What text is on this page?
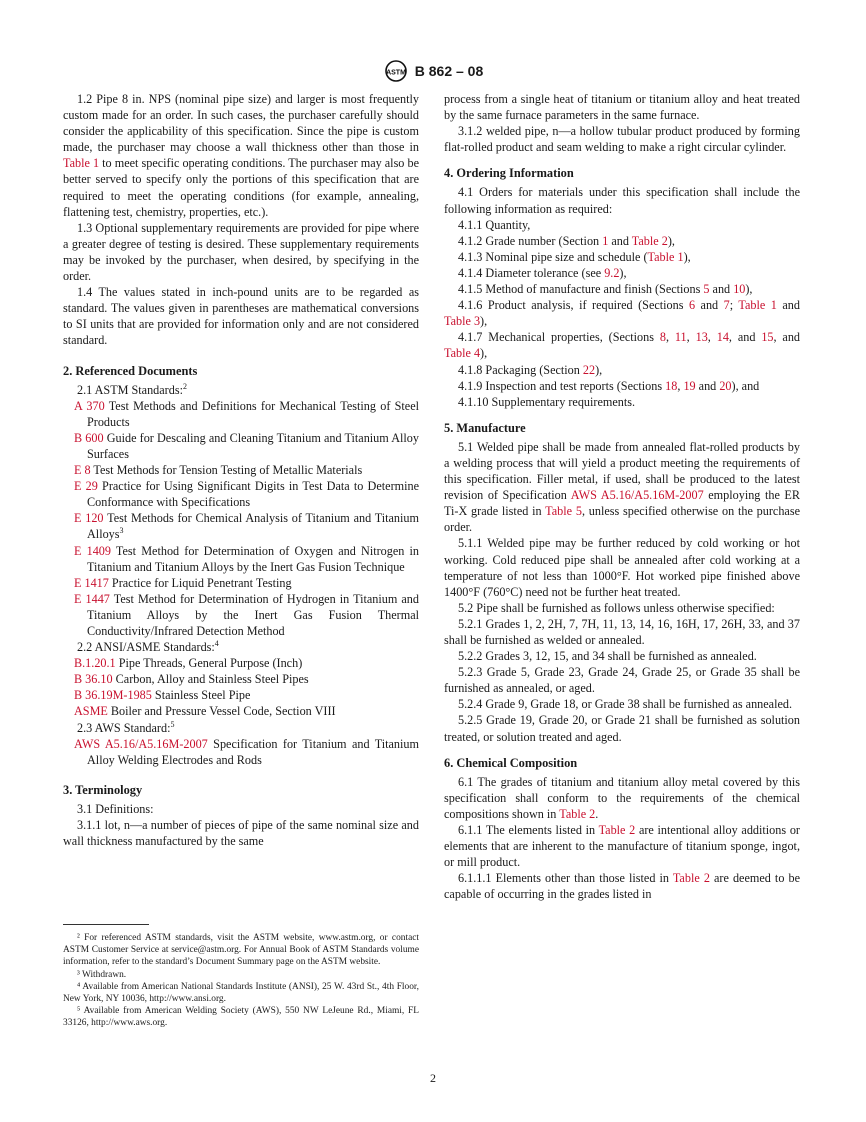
ASTM B 862 – 08

1.2 Pipe 8 in. NPS (nominal pipe size) and larger is most frequently custom made for an order. In such cases, the purchaser carefully should consider the applicability of this specification. Since the pipe is custom made, the purchaser may choose a wall thickness other than those in Table 1 to meet specific operating conditions. The purchaser may also be better served to specify only the portions of this specification that are required to meet the operating conditions (for example, annealing, flattening test, chemistry, properties, etc.).

1.3 Optional supplementary requirements are provided for pipe where a greater degree of testing is desired. These supplementary requirements may be invoked by the purchaser, when desired, by specifying in the order.

1.4 The values stated in inch-pound units are to be regarded as standard. The values given in parentheses are mathematical conversions to SI units that are provided for information only and are not considered standard.

2. Referenced Documents

2.1 ASTM Standards:$^2$

A 370 Test Methods and Definitions for Mechanical Testing of Steel Products

B 600 Guide for Descaling and Cleaning Titanium and Titanium Alloy Surfaces

E 8 Test Methods for Tension Testing of Metallic Materials

E 29 Practice for Using Significant Digits in Test Data to Determine Conformance with Specifications

E 120 Test Methods for Chemical Analysis of Titanium and Titanium Alloys$^3$

E 1409 Test Method for Determination of Oxygen and Nitrogen in Titanium and Titanium Alloys by the Inert Gas Fusion Technique

E 1417 Practice for Liquid Penetrant Testing

E 1447 Test Method for Determination of Hydrogen in Titanium and Titanium Alloys by the Inert Gas Fusion Thermal Conductivity/Infrared Detection Method

2.2 ANSI/ASME Standards:$^4$

B.1.20.1 Pipe Threads, General Purpose (Inch)

B 36.10 Carbon, Alloy and Stainless Steel Pipes

B 36.19M-1985 Stainless Steel Pipe

ASME Boiler and Pressure Vessel Code, Section VIII

2.3 AWS Standard:$^5$

AWS A5.16/A5.16M-2007 Specification for Titanium and Titanium Alloy Welding Electrodes and Rods

3. Terminology

3.1 Definitions:

3.1.1 lot, n—a number of pieces of pipe of the same nominal size and wall thickness manufactured by the same

process from a single heat of titanium or titanium alloy and heat treated by the same furnace parameters in the same furnace.

3.1.2 welded pipe, n—a hollow tubular product produced by forming flat-rolled product and seam welding to make a right circular cylinder.

4. Ordering Information

4.1 Orders for materials under this specification shall include the following information as required:

4.1.1 Quantity,

4.1.2 Grade number (Section 1 and Table 2),

4.1.3 Nominal pipe size and schedule (Table 1),

4.1.4 Diameter tolerance (see 9.2),

4.1.5 Method of manufacture and finish (Sections 5 and 10),

4.1.6 Product analysis, if required (Sections 6 and 7; Table 1 and Table 3),

4.1.7 Mechanical properties, (Sections 8, 11, 13, 14, and 15, and Table 4),

4.1.8 Packaging (Section 22),

4.1.9 Inspection and test reports (Sections 18, 19 and 20), and

4.1.10 Supplementary requirements.

5. Manufacture

5.1 Welded pipe shall be made from annealed flat-rolled products by a welding process that will yield a product meeting the requirements of this specification. Filler metal, if used, shall be produced to the latest revision of Specification AWS A5.16/A5.16M-2007 employing the ER Ti-X grade listed in Table 5, unless specified otherwise on the purchase order.

5.1.1 Welded pipe may be further reduced by cold working or hot working. Cold reduced pipe shall be annealed after cold working at a temperature of not less than 1000°F. Hot worked pipe finished above 1400°F (760°C) need not be further heat treated.

5.2 Pipe shall be furnished as follows unless otherwise specified:

5.2.1 Grades 1, 2, 2H, 7, 7H, 11, 13, 14, 16, 16H, 17, 26H, 33, and 37 shall be furnished as welded or annealed.

5.2.2 Grades 3, 12, 15, and 34 shall be furnished as annealed.

5.2.3 Grade 5, Grade 23, Grade 24, Grade 25, or Grade 35 shall be furnished as annealed, or aged.

5.2.4 Grade 9, Grade 18, or Grade 38 shall be furnished as annealed.

5.2.5 Grade 19, Grade 20, or Grade 21 shall be furnished as solution treated, or solution treated and aged.

6. Chemical Composition

6.1 The grades of titanium and titanium alloy metal covered by this specification shall conform to the requirements of the chemical compositions shown in Table 2.

6.1.1 The elements listed in Table 2 are intentional alloy additions or elements that are inherent to the manufacture of titanium sponge, ingot, or mill product.

6.1.1.1 Elements other than those listed in Table 2 are deemed to be capable of occurring in the grades listed in

² For referenced ASTM standards, visit the ASTM website, www.astm.org, or contact ASTM Customer Service at service@astm.org. For Annual Book of ASTM Standards volume information, refer to the standard’s Document Summary page on the ASTM website.

³ Withdrawn.

⁴ Available from American National Standards Institute (ANSI), 25 W. 43rd St., 4th Floor, New York, NY 10036, http://www.ansi.org.

⁵ Available from American Welding Society (AWS), 550 NW LeJeune Rd., Miami, FL 33126, http://www.aws.org.

2
